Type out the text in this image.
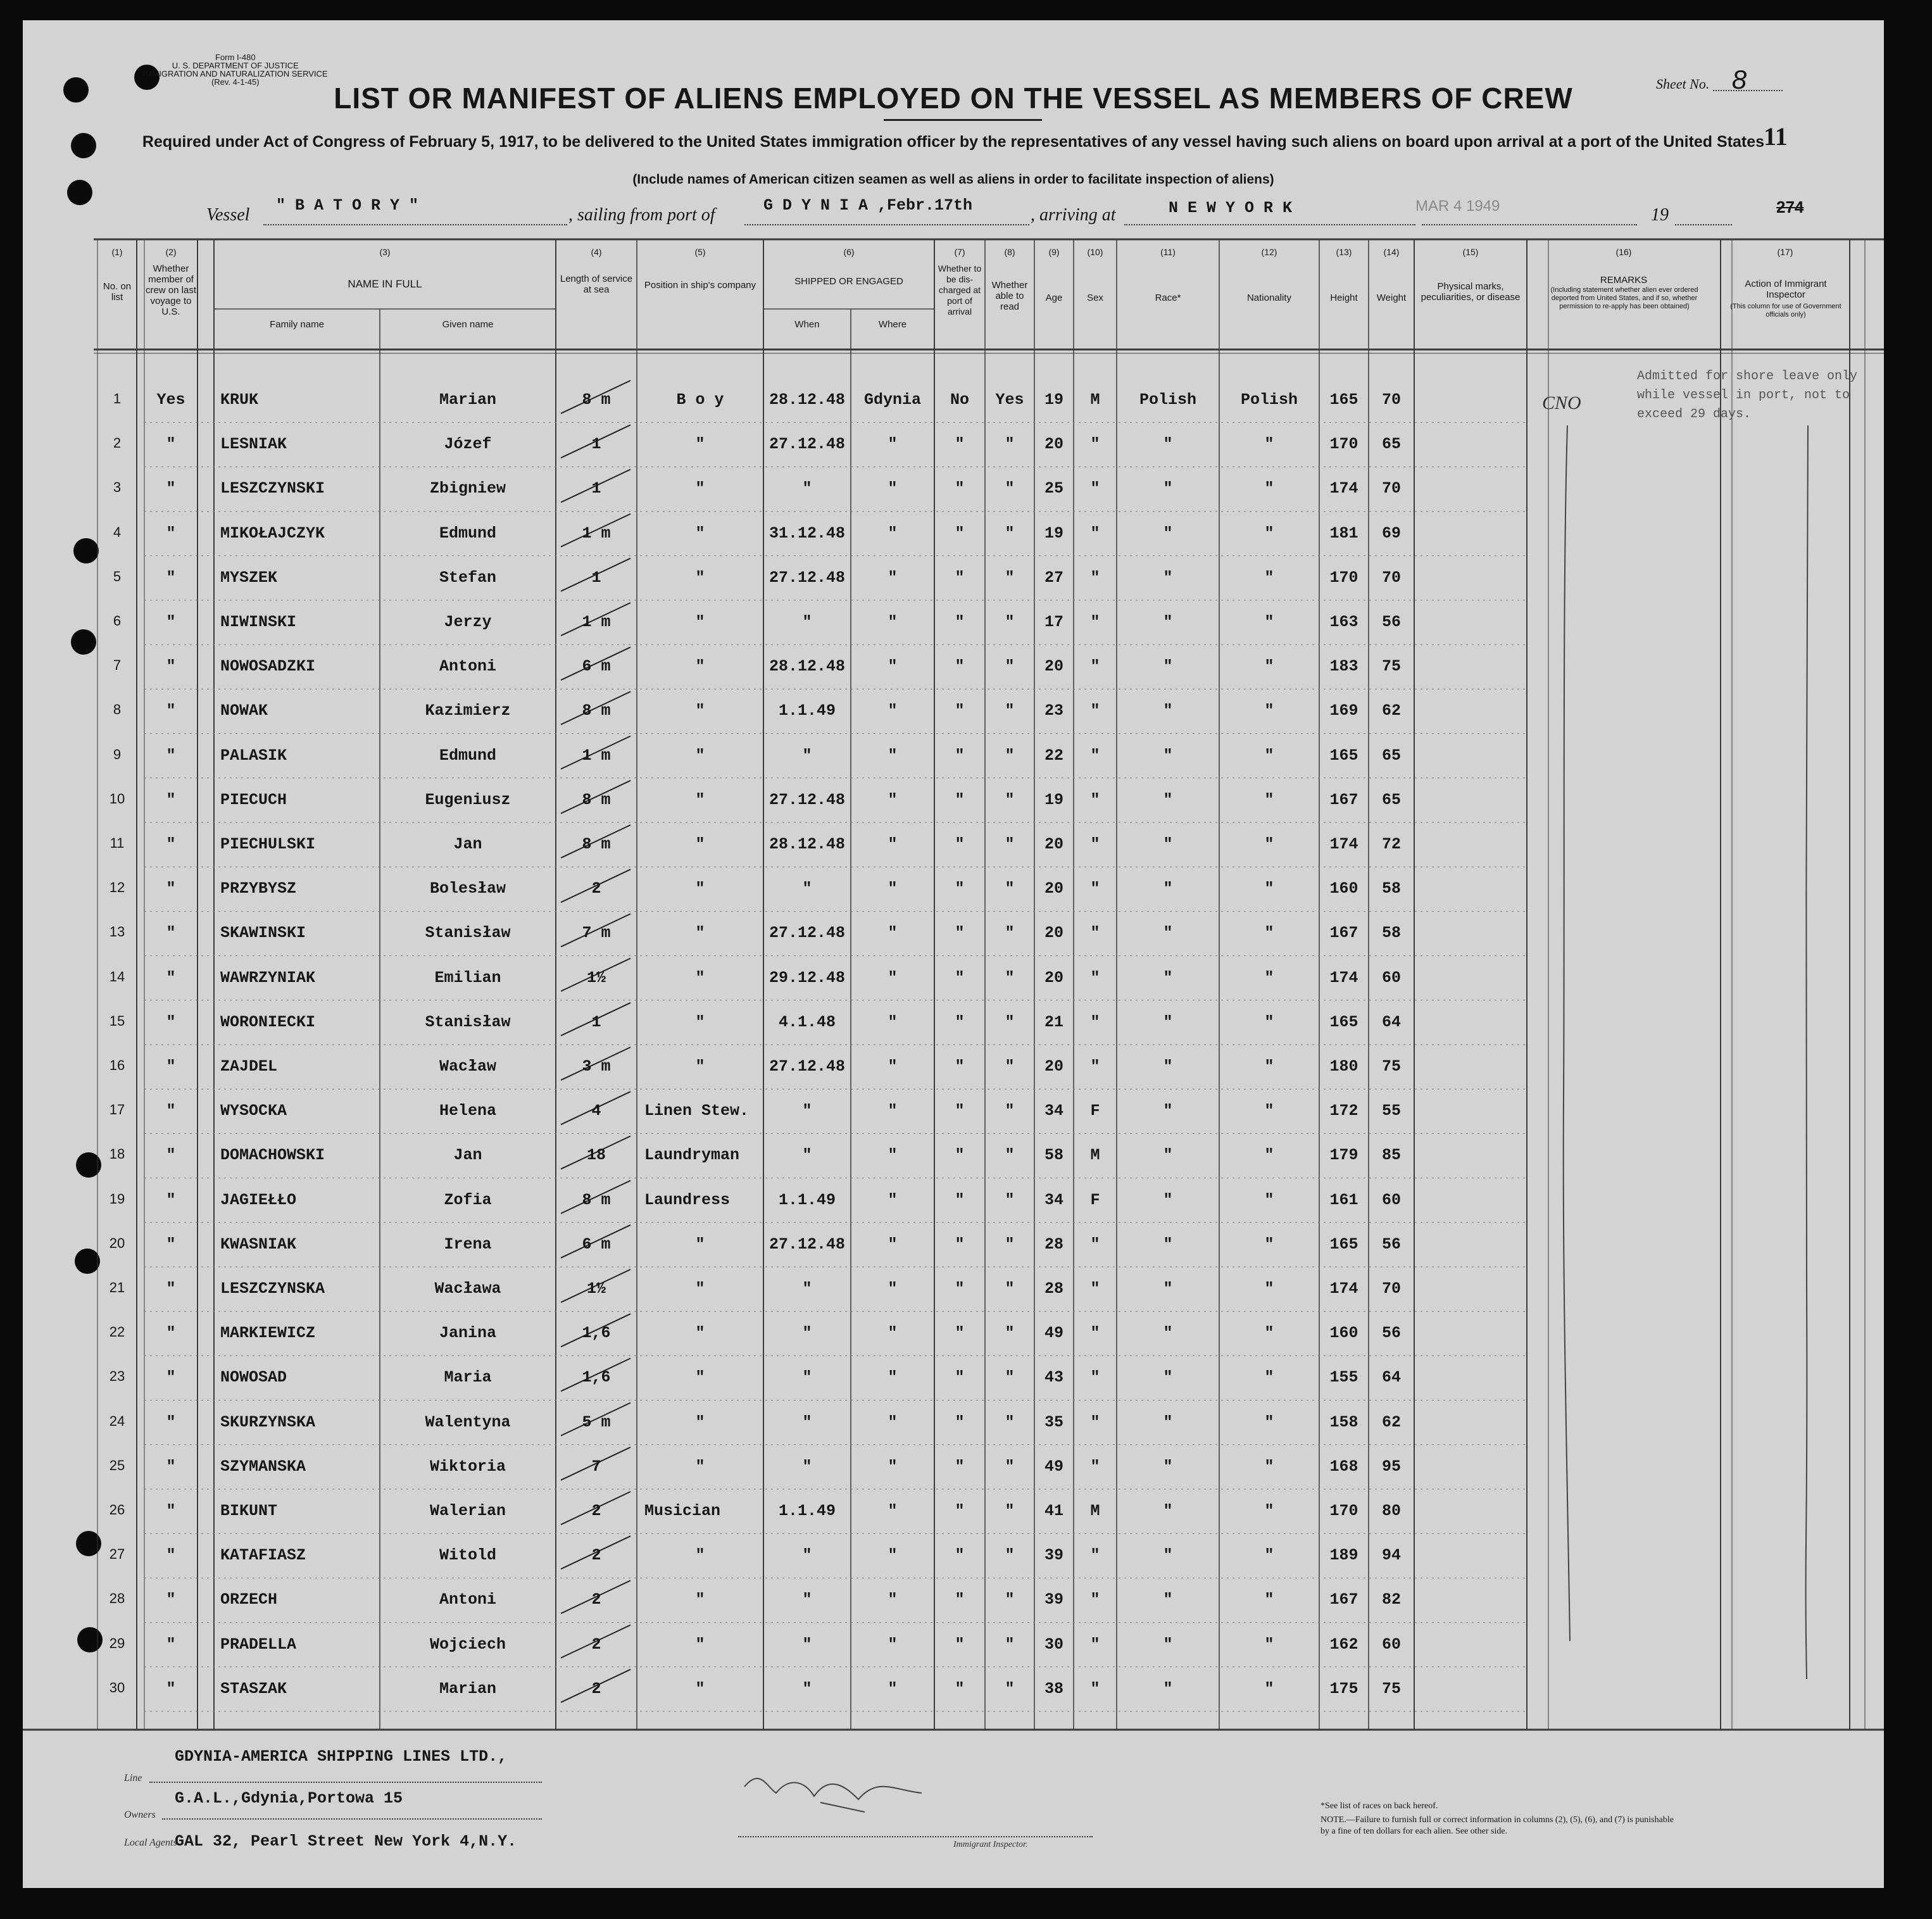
Form I-480
U. S. DEPARTMENT OF JUSTICE
IMMIGRATION AND NATURALIZATION SERVICE
(Rev. 4-1-45)	Sheet No. 8
LIST OR MANIFEST OF ALIENS EMPLOYED ON THE VESSEL AS MEMBERS OF CREW
Required under Act of Congress of February 5, 1917, to be delivered to the United States immigration officer by the representatives of any vessel having such aliens on board upon arrival at a port of the United States
11
(Include names of American citizen seamen as well as aliens in order to facilitate inspection of aliens)
Vessel " B A T O R Y "	, sailing from port of	G D Y N I A ,Febr.17th	, arriving at	N E W Y O R K	MAR 4 1949	19	274
(1)
No. on list
(2)
Whether member of crew on last voyage to U.S.
(3)
NAME IN FULL
Family name	Given name
(4)
Length of service at sea
(5)
Position in ship's company
(6)
SHIPPED OR ENGAGED
When	Where
(7)
Whether to be dis-charged at port of arrival
(8)
Whether able to read
(9)
Age
(10)
Sex
(11)
Race*
(12)
Nationality
(13)
Height
(14)
Weight
(15)
Physical marks, peculiarities, or disease
(16)
REMARKS
(Including statement whether alien ever ordered deported from United States, and if so, whether permission to re-apply has been obtained)
(17)
Action of Immigrant Inspector
(This column for use of Government officials only)
1	Yes	KRUK	Marian	8 m	B o y	28.12.48	Gdynia	No	Yes	19	M	Polish	Polish	165	70
2	"	LESNIAK	Józef	1	"	27.12.48	"	"	"	20	"	"	"	170	65
3	"	LESZCZYNSKI	Zbigniew	1	"	"	"	"	"	25	"	"	"	174	70
4	"	MIKOŁAJCZYK	Edmund	1 m	"	31.12.48	"	"	"	19	"	"	"	181	69
5	"	MYSZEK	Stefan	1	"	27.12.48	"	"	"	27	"	"	"	170	70
6	"	NIWINSKI	Jerzy	1 m	"	"	"	"	"	17	"	"	"	163	56
7	"	NOWOSADZKI	Antoni	6 m	"	28.12.48	"	"	"	20	"	"	"	183	75
8	"	NOWAK	Kazimierz	8 m	"	1.1.49	"	"	"	23	"	"	"	169	62
9	"	PALASIK	Edmund	1 m	"	"	"	"	"	22	"	"	"	165	65
10	"	PIECUCH	Eugeniusz	8 m	"	27.12.48	"	"	"	19	"	"	"	167	65
11	"	PIECHULSKI	Jan	8 m	"	28.12.48	"	"	"	20	"	"	"	174	72
12	"	PRZYBYSZ	Bolesław	2	"	"	"	"	"	20	"	"	"	160	58
13	"	SKAWINSKI	Stanisław	7 m	"	27.12.48	"	"	"	20	"	"	"	167	58
14	"	WAWRZYNIAK	Emilian	1½	"	29.12.48	"	"	"	20	"	"	"	174	60
15	"	WORONIECKI	Stanisław	1	"	4.1.48	"	"	"	21	"	"	"	165	64
16	"	ZAJDEL	Wacław	3 m	"	27.12.48	"	"	"	20	"	"	"	180	75
17	"	WYSOCKA	Helena	4	Linen Stew.	"	"	"	"	34	F	"	"	172	55
18	"	DOMACHOWSKI	Jan	18	Laundryman	"	"	"	"	58	M	"	"	179	85
19	"	JAGIEŁŁO	Zofia	8 m	Laundress	1.1.49	"	"	"	34	F	"	"	161	60
20	"	KWASNIAK	Irena	6 m	"	27.12.48	"	"	"	28	"	"	"	165	56
21	"	LESZCZYNSKA	Wacława	1½	"	"	"	"	"	28	"	"	"	174	70
22	"	MARKIEWICZ	Janina	1,6	"	"	"	"	"	49	"	"	"	160	56
23	"	NOWOSAD	Maria	1,6	"	"	"	"	"	43	"	"	"	155	64
24	"	SKURZYNSKA	Walentyna	5 m	"	"	"	"	"	35	"	"	"	158	62
25	"	SZYMANSKA	Wiktoria	7	"	"	"	"	"	49	"	"	"	168	95
26	"	BIKUNT	Walerian	2	Musician	1.1.49	"	"	"	41	M	"	"	170	80
27	"	KATAFIASZ	Witold	2	"	"	"	"	"	39	"	"	"	189	94
28	"	ORZECH	Antoni	2	"	"	"	"	"	39	"	"	"	167	82
29	"	PRADELLA	Wojciech	2	"	"	"	"	"	30	"	"	"	162	60
30	"	STASZAK	Marian	2	"	"	"	"	"	38	"	"	"	175	75
Admitted for shore leave only
while vessel in port, not to
exceed 29 days.
CNO
GDYNIA-AMERICA SHIPPING LINES LTD.,
Line
G.A.L.,Gdynia,Portowa 15
Owners
GAL 32, Pearl Street New York 4,N.Y.
Local Agents	Immigrant Inspector.
*See list of races on back hereof.
NOTE.—Failure to furnish full or correct information in columns (2), (5), (6), and (7) is punishable by a fine of ten dollars for each alien. See other side.
